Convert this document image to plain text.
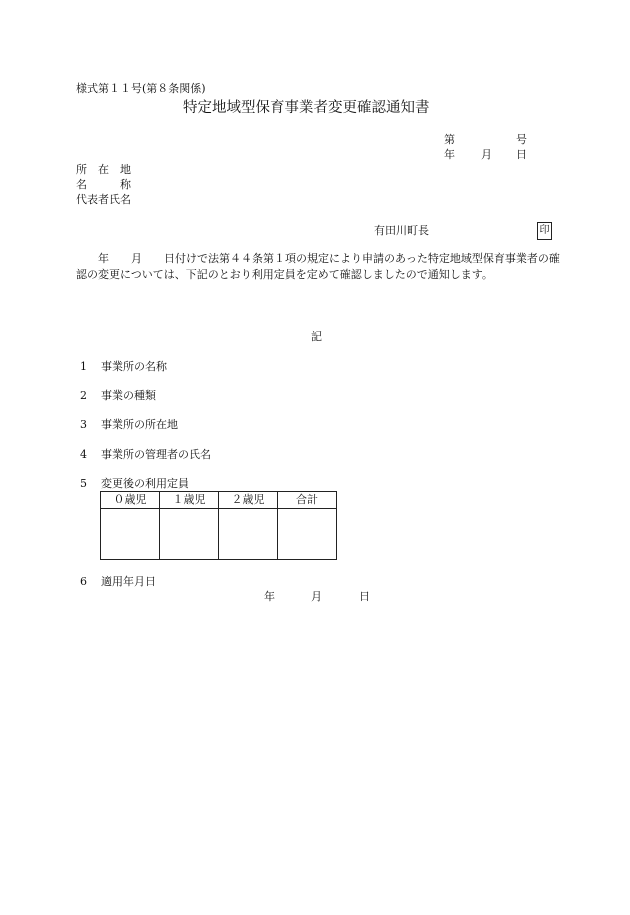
様式第１１号(第８条関係)
特定地域型保育事業者変更確認通知書
第	号
年 月 日
所　在　地
名　　　称
代表者氏名
有田川町長	印
年　　月　　日付けで法第４４条第１項の規定により申請のあった特定地域型保育事業者の確認の変更については、下記のとおり利用定員を定めて確認しましたので通知します。
記
1 事業所の名称
2 事業の種類
3 事業所の所在地
4 事業所の管理者の氏名
5 変更後の利用定員
０歳児	１歳児	２歳児	合計

6 適用年月日
年	月	日
